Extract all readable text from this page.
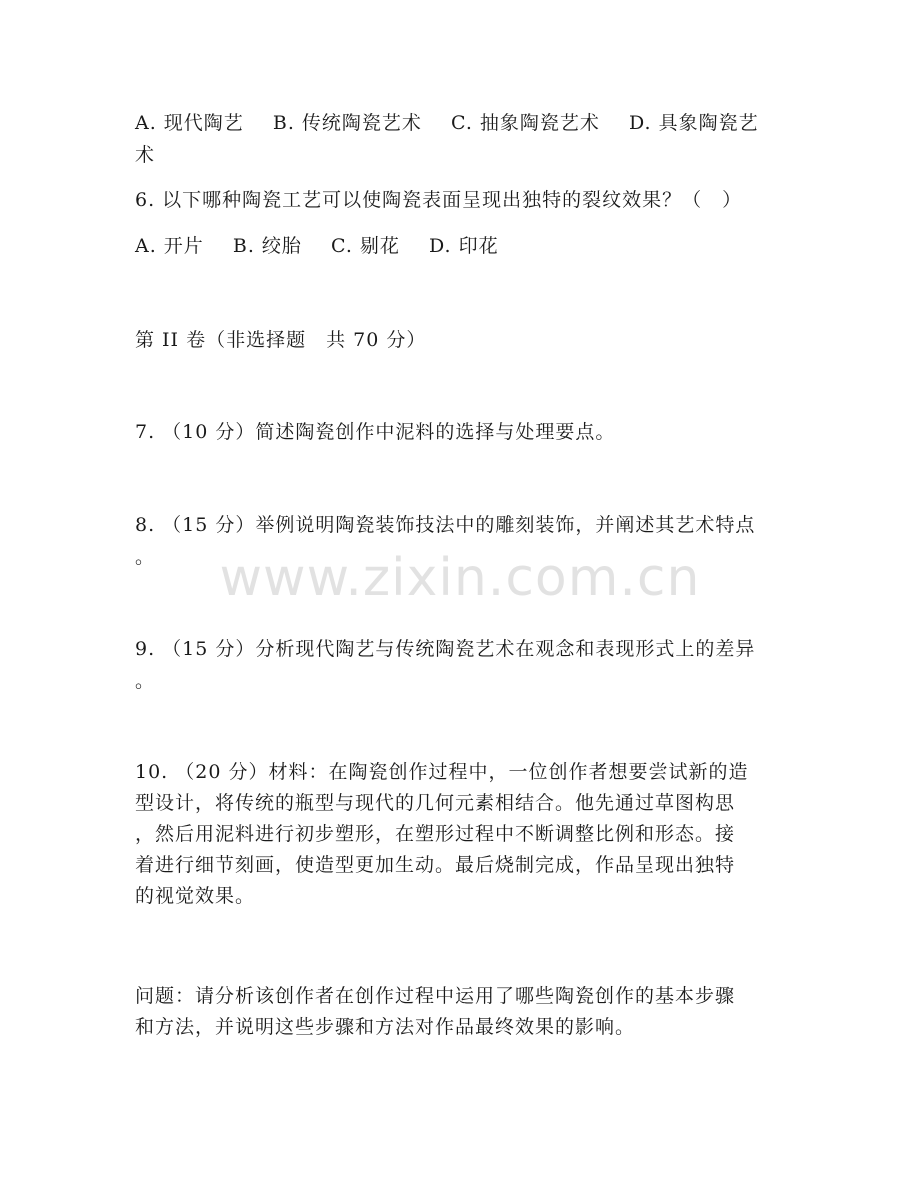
A. 现代陶艺 B. 传统陶瓷艺术 C. 抽象陶瓷艺术 D. 具象陶瓷艺
术
6. 以下哪种陶瓷工艺可以使陶瓷表面呈现出独特的裂纹效果？（　）
A. 开片 B. 绞胎 C. 剔花 D. 印花
第 II 卷（非选择题　共 70 分）
7. （10 分）简述陶瓷创作中泥料的选择与处理要点。
8. （15 分）举例说明陶瓷装饰技法中的雕刻装饰，并阐述其艺术特点
。
9. （15 分）分析现代陶艺与传统陶瓷艺术在观念和表现形式上的差异
。
10. （20 分）材料：在陶瓷创作过程中，一位创作者想要尝试新的造
型设计，将传统的瓶型与现代的几何元素相结合。他先通过草图构思
，然后用泥料进行初步塑形，在塑形过程中不断调整比例和形态。接
着进行细节刻画，使造型更加生动。最后烧制完成，作品呈现出独特
的视觉效果。
问题：请分析该创作者在创作过程中运用了哪些陶瓷创作的基本步骤
和方法，并说明这些步骤和方法对作品最终效果的影响。
www.zixin.com.cn
